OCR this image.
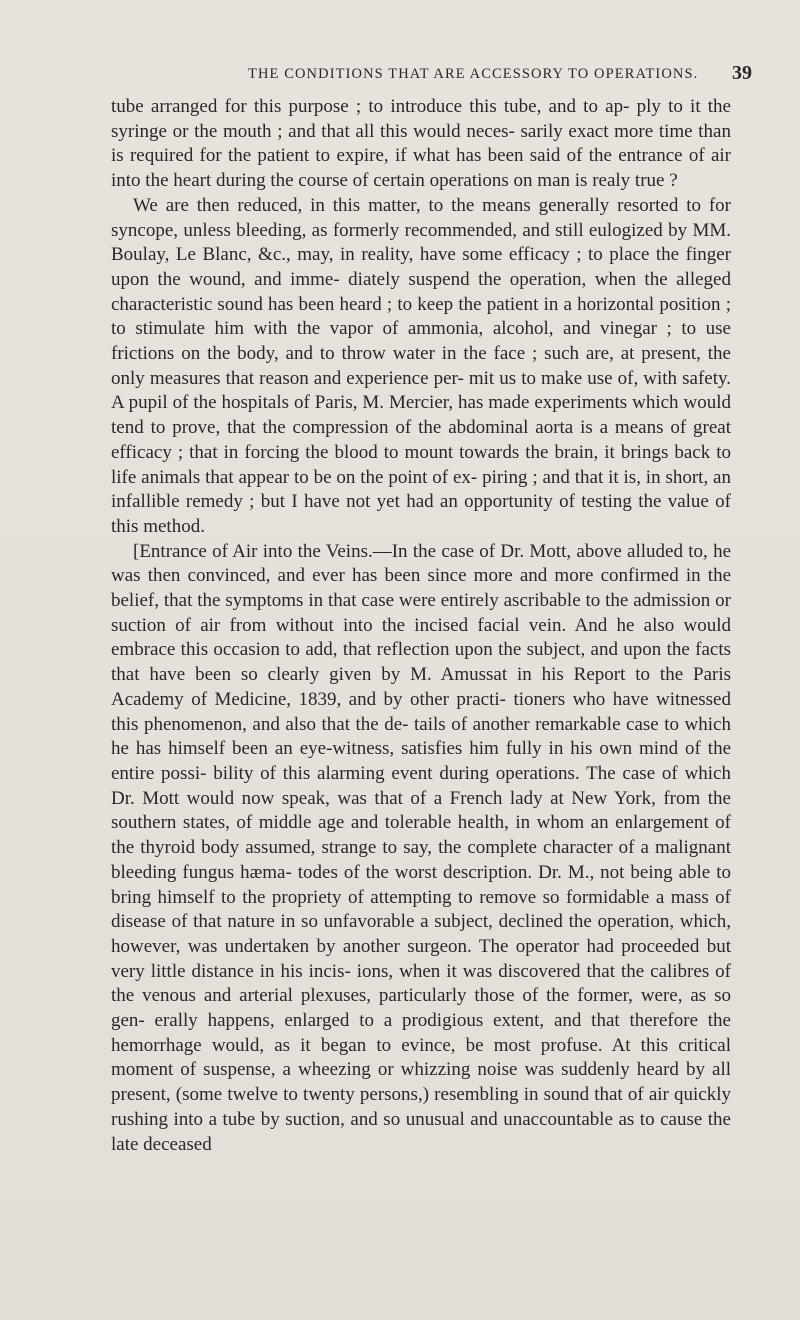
THE CONDITIONS THAT ARE ACCESSORY TO OPERATIONS. 39

tube arranged for this purpose ; to introduce this tube, and to ap- ply to it the syringe or the mouth ; and that all this would neces- sarily exact more time than is required for the patient to expire, if what has been said of the entrance of air into the heart during the course of certain operations on man is realy true ?

We are then reduced, in this matter, to the means generally resorted to for syncope, unless bleeding, as formerly recommended, and still eulogized by MM. Boulay, Le Blanc, &c., may, in reality, have some efficacy ; to place the finger upon the wound, and imme- diately suspend the operation, when the alleged characteristic sound has been heard ; to keep the patient in a horizontal position ; to stimulate him with the vapor of ammonia, alcohol, and vinegar ; to use frictions on the body, and to throw water in the face ; such are, at present, the only measures that reason and experience per- mit us to make use of, with safety. A pupil of the hospitals of Paris, M. Mercier, has made experiments which would tend to prove, that the compression of the abdominal aorta is a means of great efficacy ; that in forcing the blood to mount towards the brain, it brings back to life animals that appear to be on the point of ex- piring ; and that it is, in short, an infallible remedy ; but I have not yet had an opportunity of testing the value of this method.

[Entrance of Air into the Veins.—In the case of Dr. Mott, above alluded to, he was then convinced, and ever has been since more and more confirmed in the belief, that the symptoms in that case were entirely ascribable to the admission or suction of air from without into the incised facial vein. And he also would embrace this occasion to add, that reflection upon the subject, and upon the facts that have been so clearly given by M. Amussat in his Report to the Paris Academy of Medicine, 1839, and by other practi- tioners who have witnessed this phenomenon, and also that the de- tails of another remarkable case to which he has himself been an eye-witness, satisfies him fully in his own mind of the entire possi- bility of this alarming event during operations. The case of which Dr. Mott would now speak, was that of a French lady at New York, from the southern states, of middle age and tolerable health, in whom an enlargement of the thyroid body assumed, strange to say, the complete character of a malignant bleeding fungus hæma- todes of the worst description. Dr. M., not being able to bring himself to the propriety of attempting to remove so formidable a mass of disease of that nature in so unfavorable a subject, declined the operation, which, however, was undertaken by another surgeon. The operator had proceeded but very little distance in his incis- ions, when it was discovered that the calibres of the venous and arterial plexuses, particularly those of the former, were, as so gen- erally happens, enlarged to a prodigious extent, and that therefore the hemorrhage would, as it began to evince, be most profuse. At this critical moment of suspense, a wheezing or whizzing noise was suddenly heard by all present, (some twelve to twenty persons,) resembling in sound that of air quickly rushing into a tube by suction, and so unusual and unaccountable as to cause the late deceased
